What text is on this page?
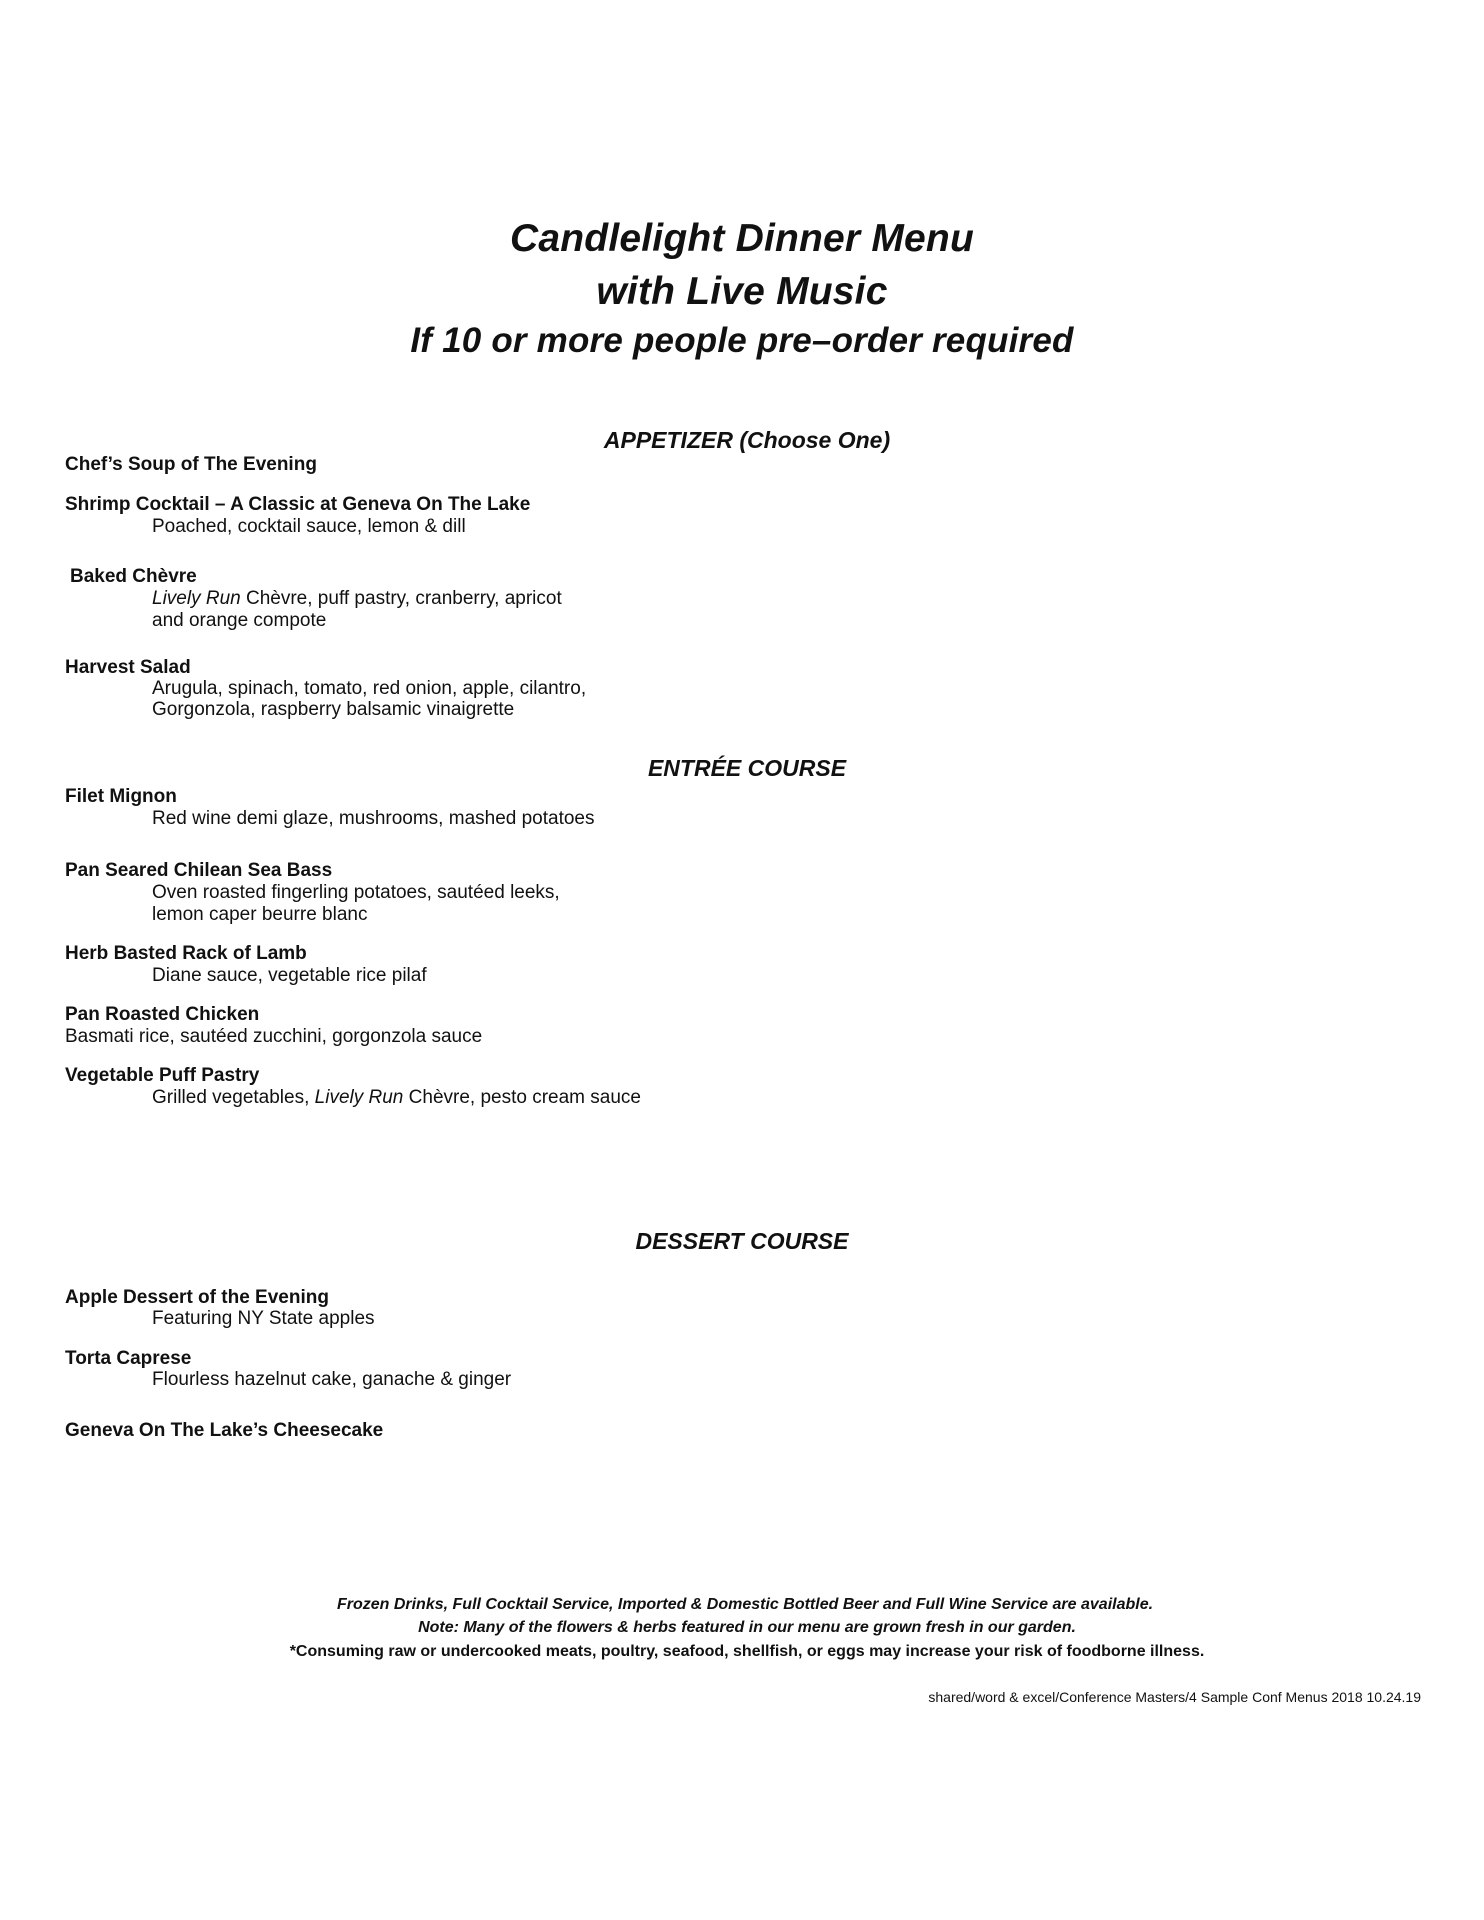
Candlelight Dinner Menu
with Live Music
If 10 or more people pre–order required
APPETIZER (Choose One)
Chef’s Soup of The Evening
Shrimp Cocktail – A Classic at Geneva On The Lake
Poached, cocktail sauce, lemon & dill
Baked Chèvre
Lively Run Chèvre, puff pastry, cranberry, apricot
and orange compote
Harvest Salad
Arugula, spinach, tomato, red onion, apple, cilantro,
Gorgonzola, raspberry balsamic vinaigrette
ENTRÉE COURSE
Filet Mignon
Red wine demi glaze, mushrooms, mashed potatoes
Pan Seared Chilean Sea Bass
Oven roasted fingerling potatoes, sautéed leeks,
lemon caper beurre blanc
Herb Basted Rack of Lamb
Diane sauce, vegetable rice pilaf
Pan Roasted Chicken
Basmati rice, sautéed zucchini, gorgonzola sauce
Vegetable Puff Pastry
Grilled vegetables, Lively Run Chèvre, pesto cream sauce
DESSERT COURSE
Apple Dessert of the Evening
Featuring NY State apples
Torta Caprese
Flourless hazelnut cake, ganache & ginger
Geneva On The Lake’s Cheesecake
Frozen Drinks, Full Cocktail Service, Imported & Domestic Bottled Beer and Full Wine Service are available.
Note: Many of the flowers & herbs featured in our menu are grown fresh in our garden.
*Consuming raw or undercooked meats, poultry, seafood, shellfish, or eggs may increase your risk of foodborne illness.
shared/word & excel/Conference Masters/4 Sample Conf Menus 2018 10.24.19
